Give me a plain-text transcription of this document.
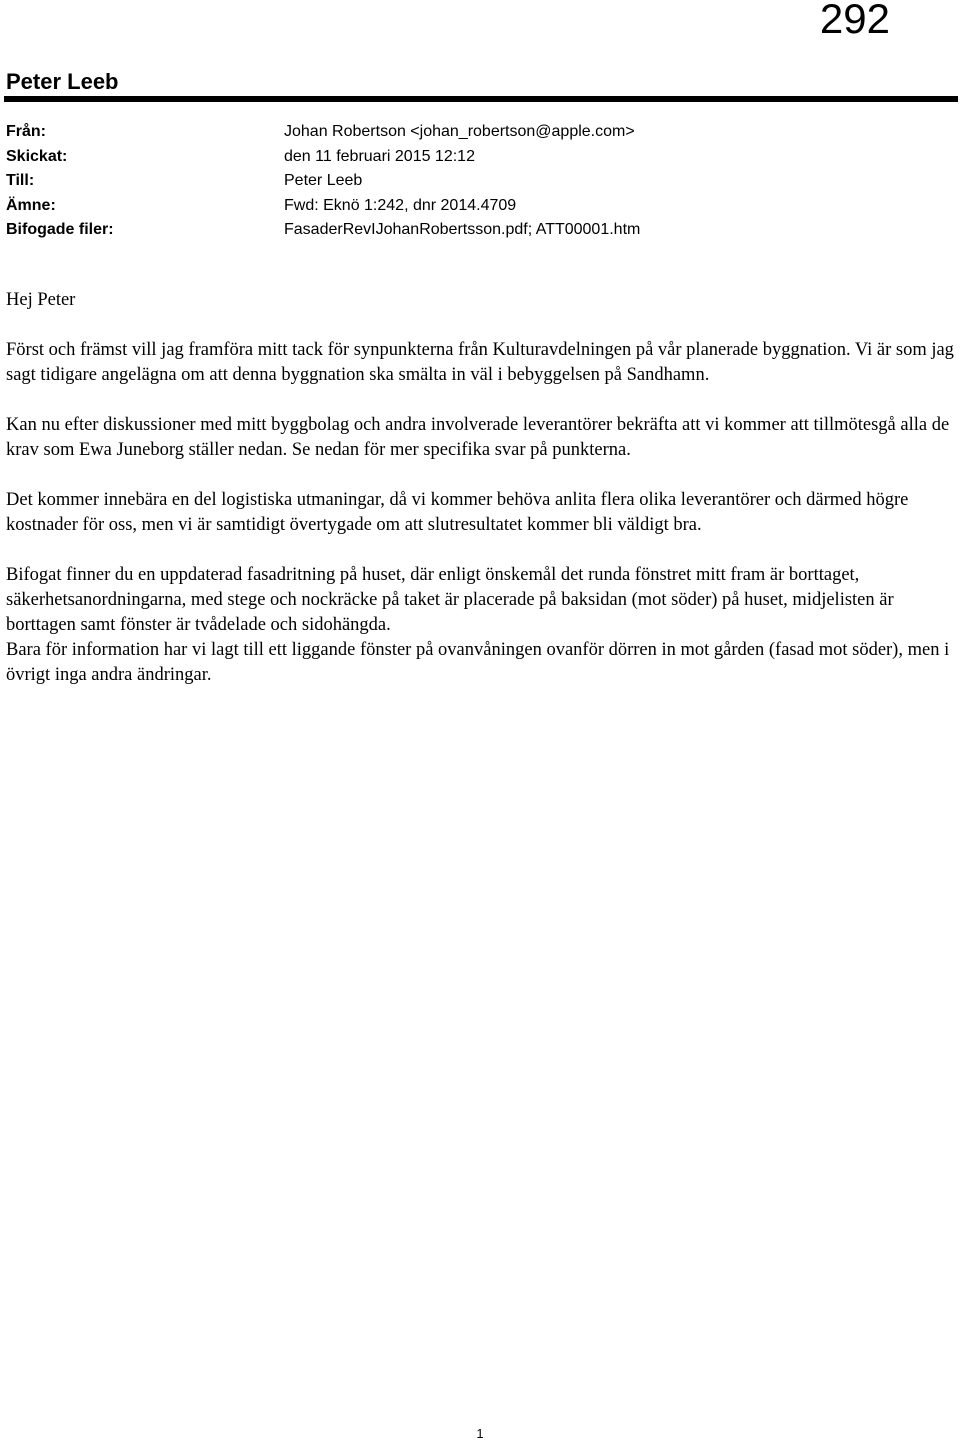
292
Peter Leeb
Från:	Johan Robertson <johan_robertson@apple.com>
Skickat:	den 11 februari 2015 12:12
Till:	Peter Leeb
Ämne:	Fwd: Eknö 1:242, dnr 2014.4709
Bifogade filer:	FasaderRevIJohanRobertsson.pdf; ATT00001.htm

Hej Peter

Först och främst vill jag framföra mitt tack för synpunkterna från Kulturavdelningen på vår planerade byggnation. Vi är som jag sagt tidigare angelägna om att denna byggnation ska smälta in väl i bebyggelsen på Sandhamn.

Kan nu efter diskussioner med mitt byggbolag och andra involverade leverantörer bekräfta att vi kommer att tillmötesgå alla de krav som Ewa Juneborg ställer nedan. Se nedan för mer specifika svar på punkterna.

Det kommer innebära en del logistiska utmaningar, då vi kommer behöva anlita flera olika leverantörer och därmed högre kostnader för oss, men vi är samtidigt övertygade om att slutresultatet kommer bli väldigt bra.

Bifogat finner du en uppdaterad fasadritning på huset, där enligt önskemål det runda fönstret mitt fram är borttaget, säkerhetsanordningarna, med stege och nockräcke på taket är placerade på baksidan (mot söder) på huset, midjelisten är borttagen samt fönster är tvådelade och sidohängda.

Bara för information har vi lagt till ett liggande fönster på ovanvåningen ovanför dörren in mot gården (fasad mot söder), men i övrigt inga andra ändringar.

1
